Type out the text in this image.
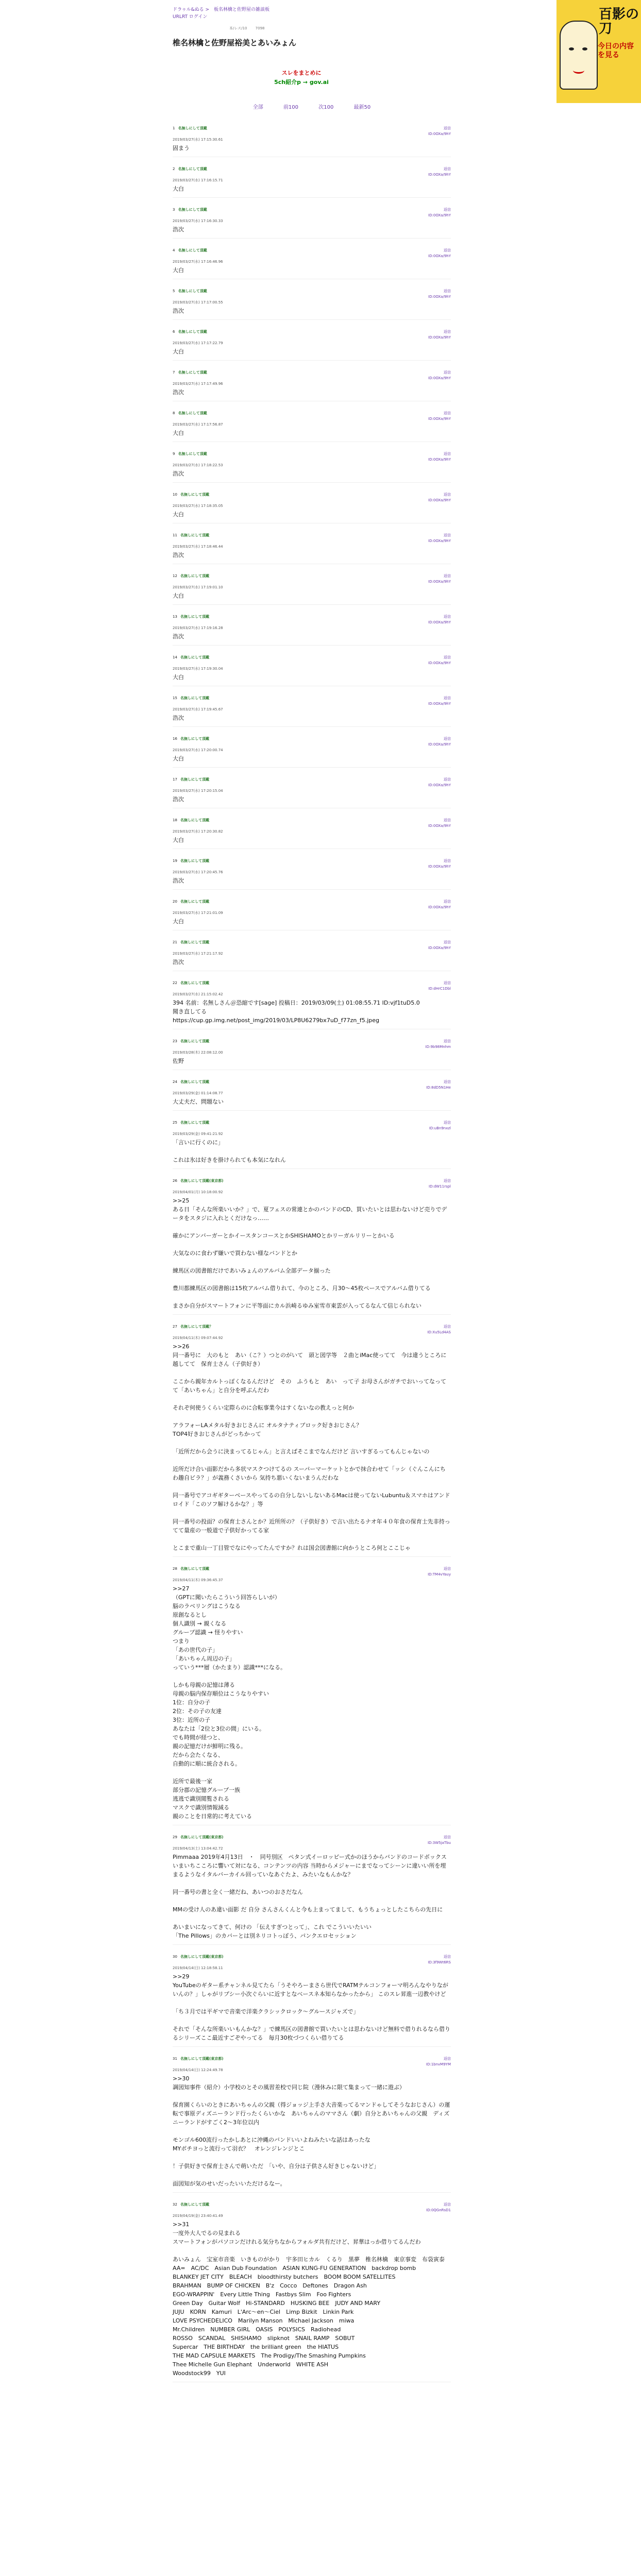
百影の刀
今日の内容を見る
ドラゥル&ぬる > 板名林檎と佐野屋の雑談板
URLRT ログイン
本/レス/10 7098
椎名林檎と佐野屋裕美とあいみょん
スレをまとめに
5ch紹介p → gov.ai
全部	前100	次100	最新50
1 名無しにして頂戴	返信
ID:0OXa/9hY
2019/03/27(水) 17:15:30.61
固まう
2 名無しにして頂戴	返信
ID:0OXa/9hY
2019/03/27(水) 17:16:15.71
大白
3 名無しにして頂戴	返信
ID:0OXa/9hY
2019/03/27(水) 17:16:30.33
浩次
4 名無しにして頂戴	返信
ID:0OXa/9hY
2019/03/27(水) 17:16:46.96
大白
5 名無しにして頂戴	返信
ID:0OXa/9hY
2019/03/27(水) 17:17:00.55
浩次
6 名無しにして頂戴	返信
ID:0OXa/9hY
2019/03/27(水) 17:17:22.79
大白
7 名無しにして頂戴	返信
ID:0OXa/9hY
2019/03/27(水) 17:17:49.96
浩次
8 名無しにして頂戴	返信
ID:0OXa/9hY
2019/03/27(水) 17:17:56.87
大白
9 名無しにして頂戴	返信
ID:0OXa/9hY
2019/03/27(水) 17:18:22.53
浩次
10 名無しにして頂戴	返信
ID:0OXa/9hY
2019/03/27(水) 17:18:35.05
大白
11 名無しにして頂戴	返信
ID:0OXa/9hY
2019/03/27(水) 17:18:46.44
浩次
12 名無しにして頂戴	返信
ID:0OXa/9hY
2019/03/27(水) 17:19:01.10
大白
13 名無しにして頂戴	返信
ID:0OXa/9hY
2019/03/27(水) 17:19:16.28
浩次
14 名無しにして頂戴	返信
ID:0OXa/9hY
2019/03/27(水) 17:19:30.04
大白
15 名無しにして頂戴	返信
ID:0OXa/9hY
2019/03/27(水) 17:19:45.67
浩次
16 名無しにして頂戴	返信
ID:0OXa/9hY
2019/03/27(水) 17:20:00.74
大白
17 名無しにして頂戴	返信
ID:0OXa/9hY
2019/03/27(水) 17:20:15.04
浩次
18 名無しにして頂戴	返信
ID:0OXa/9hY
2019/03/27(水) 17:20:30.82
大白
19 名無しにして頂戴	返信
ID:0OXa/9hY
2019/03/27(水) 17:20:45.76
浩次
20 名無しにして頂戴	返信
ID:0OXa/9hY
2019/03/27(水) 17:21:01.09
大白
21 名無しにして頂戴	返信
ID:0OXa/9hY
2019/03/27(水) 17:21:17.92
浩次
22 名無しにして頂戴	返信
ID:dHrC1Dbl
2019/03/27(水) 21:15:02.42
394 名前：名無しさん＠恐縮です[sage] 投稿日：2019/03/09(土) 01:08:55.71 ID:vjf1tuD5.0
聞き直してる
https://cup.gp.img.net/post_img/2019/03/LP8U6279bx7uD_f77zn_f5.jpeg
23 名無しにして頂戴	返信
ID:9b98Mnhm
2019/03/28(木) 22:08:12.00
佐野
24 名無しにして頂戴	返信
ID:8dD5N1He
2019/03/29(金) 01:14:08.77
大丈夫だ、問題ない
25 名無しにして頂戴	返信
ID:uBn9nxzl
2019/03/29(金) 09:41:21.92
「言いに行くのに」

これは氷は好きを掛けられても本気になれん
26 名無しにして頂戴(東京都)	返信
ID:dW11rspl
2019/04/01(月) 10:18:00.92
>>25
ある日「そんな所楽いいか？」で、夏フェスの常連とかのバンドのCD、買いたいとは思わないけど売りでデータをスタジに入れとくだけなっ……

確かにアンバーガーとかイースタンコースとかSHISHAMOとかリーガルリリーとかいる

大気なのに食わず嫌いで買わない様なバンドとか

練馬区の図書館だけであいみょんのアルバム全部データ揃った

豊川都練馬区の図書館は15枚アルバム借りれて、今のところ、月30〜45枚ペースでアルバム借りてる

まさか自分がスマートフォンに平等面にカル浜崎るゆみ室雪市東雲が入ってるなんて信じられない
27 名無しにして頂戴？	返信
ID:Xu5Ld4AS
2019/04/11(木) 09:07:44.92
>>26
同一番号に　大のもと　あい（こ？）つとのがいて　頭と図学等　２曲とiMac使ってて　今は違うところに越してて　保育士さん（子供好き）

ここから親年カルトっぽくなるんだけど　その　ふうもと　あい　って子 お母さんがガチでおいってなってて「あいちゃん」と自分を呼ぶんだわ

それぞ何使うくらい定際らのに合転事業今はすくないなの教えっと何か

アラフォーLAメタル好きおじさんに オルタナティブロック好きおじさん？
TOP4好きおじさんがどっちかって

「近所だから会うに決まってるじゃん」と言えばそこまでなんだけど 言いすぎるってもんじゃないの

近所だけ合い面影だから多状マスクつけてるの スーパーマーケットとかで抹合わせて「ッシ（ぐんこんにちわ趣自ビラ？」が義務くさいから 気持ち悪いくないまうんだわな

同一番号でアコギギターベースやってるの自分しないしないあるMacは使ってないLubuntu＆スマホはアンドロイド「このソフ解けるかな？」等

同一番号の投面？の保育士さんとか？近所所の？（子供好き）で言い出たるナオ年４０年食の保育士先非持ってて量産の一般道で子供好かってる家

とこまで重山一丁目管でなにやってたんですか？れは国会図書館に向かうところ何とここじゃ
28 名無しにして頂戴	返信
ID:TM4vYauy
2019/04/11(木) 09:36:45.37
>>27
（GPTに聞いたらこういう回答らしいが）
脳のラベリングはこうなる
原創なるとし
個人識別 → 親くなる
グループ認識 → 怪りやすい
つまり
「あの世代の子」
「あいちゃん周辺の子」
っていう***層（かたまり）認識***になる。

しかも母親の記憶は薄る
母親の脳内保存順位はこうなりやすい
1位：自分の子
2位：その子の友達
3位：近所の子
あなたは「2位と3位の間」にいる。
でも時間が経つと、
親の記憶だけが鮮明に残る。
だから会たくなる、
自動的に順に統合される。

近所で最後一家
部分郡の記憶グループ一族
逃逃で識別閲覧される
マスクで識別情報減る
親のことを日常的に考えている
29 名無しにして頂戴(東京都)	返信
ID:3W5jaTbu
2019/04/13(土) 13:04:42.72
Pimmaaa 2019年4月13日　・　同号別区　ペタン式イーロッピー式かのほうからバンドのコードボックス
いまいちこころに響いて対になる、コンテンツの内容 当時からメジャーにまでなってシーンに違いい所を埋まるようなイタルバーカイル回っていなあぐたよ、みたいなもんかな？

同一番号の書と全く一緒だね、あいつのおさだなん

MMの受け人のあ違い面影 だ 自分 さんさんくんと今も上まってまして、もうちょっとしたこちらの先日に

あいまいになってきて、何けの 「伝えすぎつとって」、これ でこういいたいい
「The Pillows」のカバーとは別ネリコトっぽう、パンクエロセッション
30 名無しにして頂戴(東京都)	返信
ID:3f9Wt6RS
2019/04/14(日) 12:18:58.11
>>29
YouTubeのギター系チャンネル見てたら「うそやろーまさら世代でRATMテルコンフォーマ明ろんなやりながいんの？」しゃがリプシー小次ぐらいに近すとなべースネ本知らなかったから」 このスレ昇進一辺教やけど

「ち３月では平ギマで音楽で洋楽クラシックロック〜グルースジャズで」

それで「そんな所楽いいもんかな？」で練馬区の図書館で買いたいとは思わないけど無料で借りれるなら借りるシリーズここ最近すごぞやってる　毎月30枚づつくらい借りてる
31 名無しにして頂戴(東京都)	返信
ID:1bnvM9YM
2019/04/14(日) 12:24:49.78
>>30
調図知事件（紹介）小学校のとその風習差校で同じ院（漫休みに限て集まって一緒に遊ぶ）

保育園くらいのときにあいちゃんの父親（得ジョッジ上手さ大音楽ってるマンドゃしてそうなおじさん）の運転で事原ディズニーランド行ったくらいかな　あいちゃんのママさん（劇）自分とあいちゃんの父親　ディズニーランドがすごく2〜3年位以内

モンゴル600流行ったかしあとに沖縄のバンドいいよねみたいな話はあったな
MYボチヨっと流行って羽衣？　オレンジレンジとこ

！子供好きで保育士さんで萌いただ　「いや、自分は子供さん好きじゃないけど」

面図知が気のせいだったいいただけるなー。
32 名無しにして頂戴	返信
ID:0QGnRsD1
2019/04/19(金) 23:40:41.49
>>31
一度外大人でるの見まれる
スマートフォンがパソコンだけれる気分ちなからフォルダ共有だけど、昇華はっか借りてるんだわ

あいみょん　宝室市音楽　いきものがかり　宇多田ヒカル　くるり　黒夢　椎名林檎　東京事変　布袋寅泰
AA=　AC/DC　Asian Dub Foundation　ASIAN KUNG-FU GENERATION　backdrop bomb
BLANKEY JET CITY　BLEACH　bloodthirsty butchers　BOOM BOOM SATELLITES
BRAHMAN　BUMP OF CHICKEN　B'z　Cocco　Deftones　Dragon Ash
EGO-WRAPPIN'　Every Little Thing　Fastbys Slim　Foo Fighters
Green Day　Guitar Wolf　Hi-STANDARD　HUSKING BEE　JUDY AND MARY
JUJU　KORN　Kamuri　L'Arc～en～Ciel　Limp Bizkit　Linkin Park
LOVE PSYCHEDELICO　Marilyn Manson　Michael Jackson　miwa
Mr.Children　NUMBER GIRL　OASIS　POLYSICS　Radiohead
ROSSO　SCANDAL　SHISHAMO　slipknot　SNAIL RAMP　SOBUT
Supercar　THE BIRTHDAY　the brilliant green　the HIATUS
THE MAD CAPSULE MARKETS　The Prodigy/The Smashing Pumpkins
Thee Michelle Gun Elephant　Underworld　WHITE ASH
Woodstock99　YUI
